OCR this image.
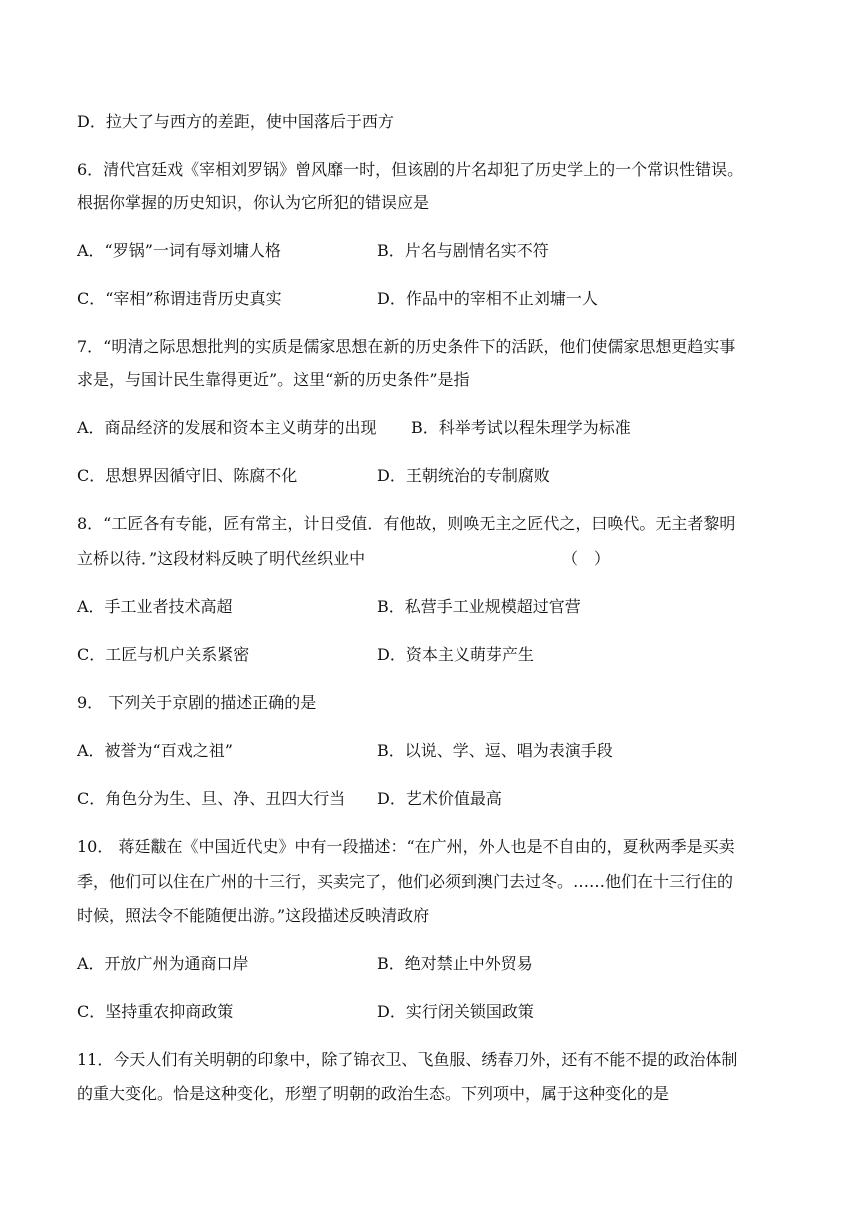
D．拉大了与西方的差距，使中国落后于西方
6．清代宫廷戏《宰相刘罗锅》曾风靡一时，但该剧的片名却犯了历史学上的一个常识性错误。
根据你掌握的历史知识，你认为它所犯的错误应是
A．“罗锅”一词有辱刘墉人格	B．片名与剧情名实不符
C．“宰相”称谓违背历史真实	D．作品中的宰相不止刘墉一人
7．“明清之际思想批判的实质是儒家思想在新的历史条件下的活跃，他们使儒家思想更趋实事
求是，与国计民生靠得更近”。这里“新的历史条件”是指
A．商品经济的发展和资本主义萌芽的出现 B．科举考试以程朱理学为标准
C．思想界因循守旧、陈腐不化	D．王朝统治的专制腐败
8．“工匠各有专能，匠有常主，计日受值．有他故，则唤无主之匠代之，曰唤代。无主者黎明
立桥以待．”这段材料反映了明代丝织业中	（　）
A．手工业者技术高超	B．私营手工业规模超过官营
C．工匠与机户关系紧密	D．资本主义萌芽产生
9． 下列关于京剧的描述正确的是
A．被誉为“百戏之祖”	B．以说、学、逗、唱为表演手段
C．角色分为生、旦、净、丑四大行当 D．艺术价值最高
10． 蒋廷黻在《中国近代史》中有一段描述：“在广州，外人也是不自由的，夏秋两季是买卖
季，他们可以住在广州的十三行，买卖完了，他们必须到澳门去过冬。……他们在十三行住的
时候，照法令不能随便出游。”这段描述反映清政府
A．开放广州为通商口岸	B．绝对禁止中外贸易
C．坚持重农抑商政策	D．实行闭关锁国政策
11．今天人们有关明朝的印象中，除了锦衣卫、飞鱼服、绣春刀外，还有不能不提的政治体制
的重大变化。恰是这种变化，形塑了明朝的政治生态。下列项中，属于这种变化的是
